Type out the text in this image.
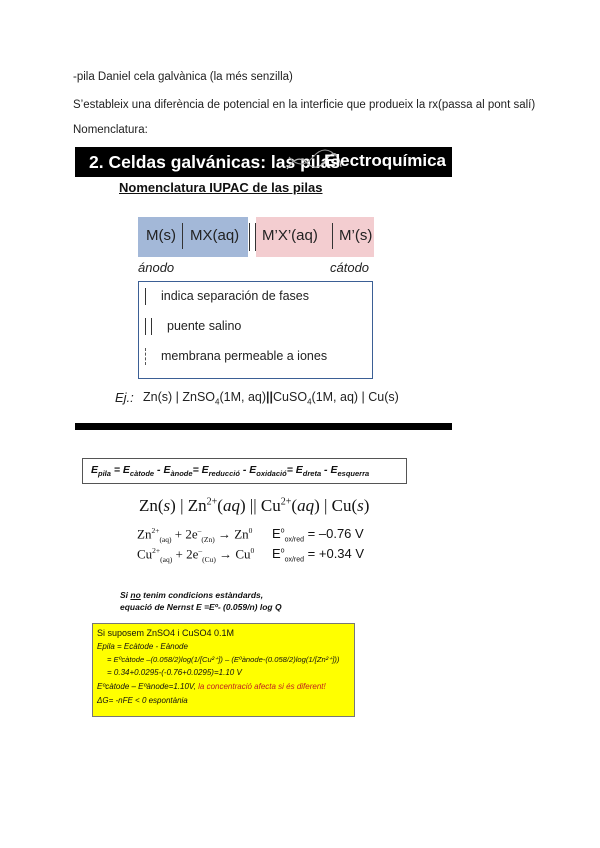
-pila Daniel cela galvànica (la més senzilla)
S’estableix una diferència de potencial en la interficie que produeix la rx(passa al pont salí)
Nomenclatura:
2. Celdas galvánicas: las pilas
Electroquímica
Nomenclatura IUPAC de las pilas
M(s) MX(aq) M’X’(aq) M’(s)
ánodo	cátodo
indica separación de fases
puente salino
membrana permeable a iones
Ej.: Zn(s) | ZnSO$_4$(1M, aq)||CuSO$_4$(1M, aq) | Cu(s)
$E_{pila} = E_{càtode} - E_{ànode}= E_{reducció} - E_{oxidació}= E_{dreta} - E_{esquerra}$
Zn(s) | $Zn^{2+}(aq)$ || $Cu^{2+}(aq)$ | Cu(s)
$Zn^{2+}_{(aq)} + 2e^-_{(Zn)} \to Zn^0$ $E^o_{ox/red} = -0.76$ V
$Cu^{2+}_{(aq)} + 2e^-_{(Cu)} \to Cu^0$ $E^o_{ox/red} = +0.34$ V
Si no tenim condicions estàndards,
equació de Nernst E =Eº- (0.059/n) log Q
Si suposem ZnSO4 i CuSO4 0.1M
Epila = Ecàtode - Eànode
= Eºcàtode –(0.058/2)log(1/[Cu²⁺]) – (Eºànode-(0.058/2)log(1/[Zn²⁺]))
= 0.34+0.0295-(-0.76+0.0295)=1.10 V
Eºcàtode – Eºànode=1.10V, la concentració afecta si és diferent!
ΔG= -nFE < 0 espontània
